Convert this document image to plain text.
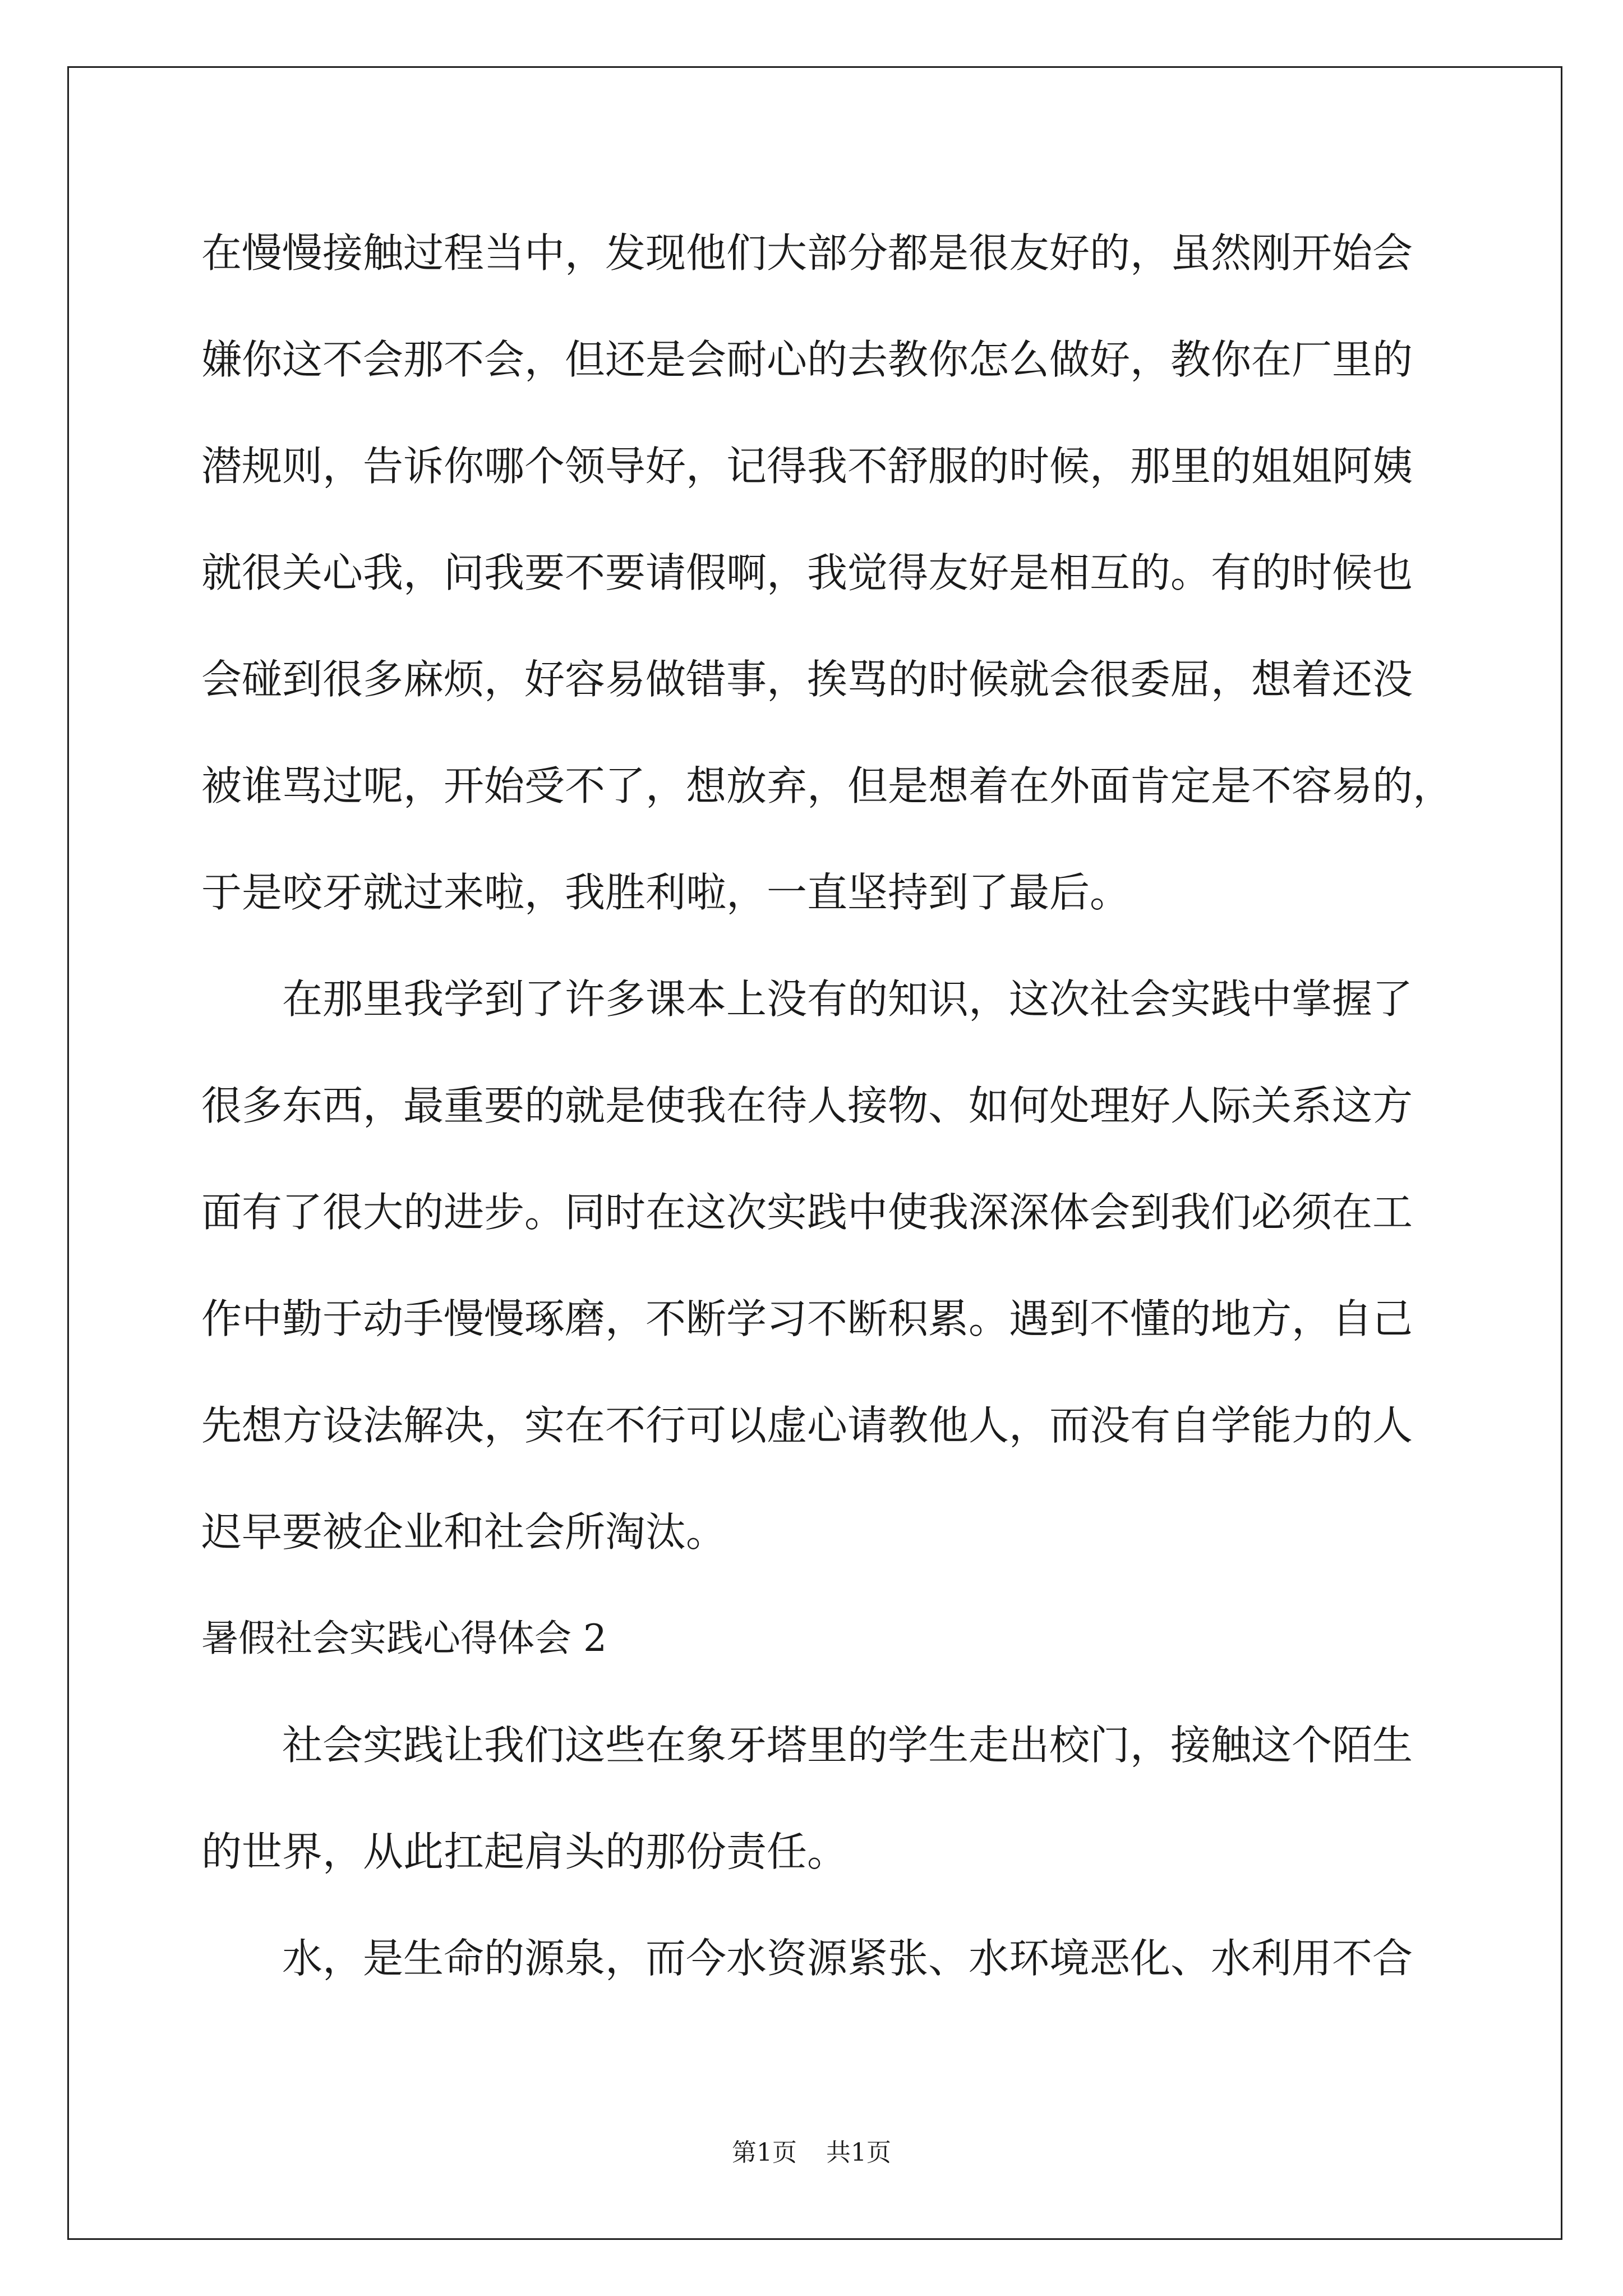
在慢慢接触过程当中，发现他们大部分都是很友好的，虽然刚开始会
嫌你这不会那不会，但还是会耐心的去教你怎么做好，教你在厂里的
潜规则，告诉你哪个领导好，记得我不舒服的时候，那里的姐姐阿姨
就很关心我，问我要不要请假啊，我觉得友好是相互的。有的时候也
会碰到很多麻烦，好容易做错事，挨骂的时候就会很委屈，想着还没
被谁骂过呢，开始受不了，想放弃，但是想着在外面肯定是不容易的，
于是咬牙就过来啦，我胜利啦，一直坚持到了最后。
在那里我学到了许多课本上没有的知识，这次社会实践中掌握了
很多东西，最重要的就是使我在待人接物、如何处理好人际关系这方
面有了很大的进步。同时在这次实践中使我深深体会到我们必须在工
作中勤于动手慢慢琢磨，不断学习不断积累。遇到不懂的地方，自己
先想方设法解决，实在不行可以虚心请教他人，而没有自学能力的人
迟早要被企业和社会所淘汰。
暑假社会实践心得体会 2
社会实践让我们这些在象牙塔里的学生走出校门，接触这个陌生
的世界，从此扛起肩头的那份责任。
水，是生命的源泉，而今水资源紧张、水环境恶化、水利用不合
第1页 共1页
